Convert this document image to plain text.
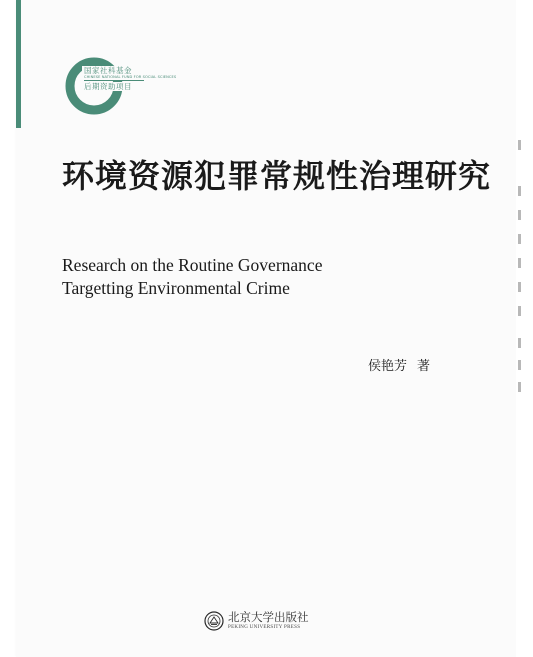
国家社科基金
CHINESE NATIONAL FUND FOR SOCIAL SCIENCES
后期资助项目
环境资源犯罪常规性治理研究
Research on the Routine Governance
Targetting Environmental Crime
侯艳芳 著
北京大学出版社
PEKING UNIVERSITY PRESS
